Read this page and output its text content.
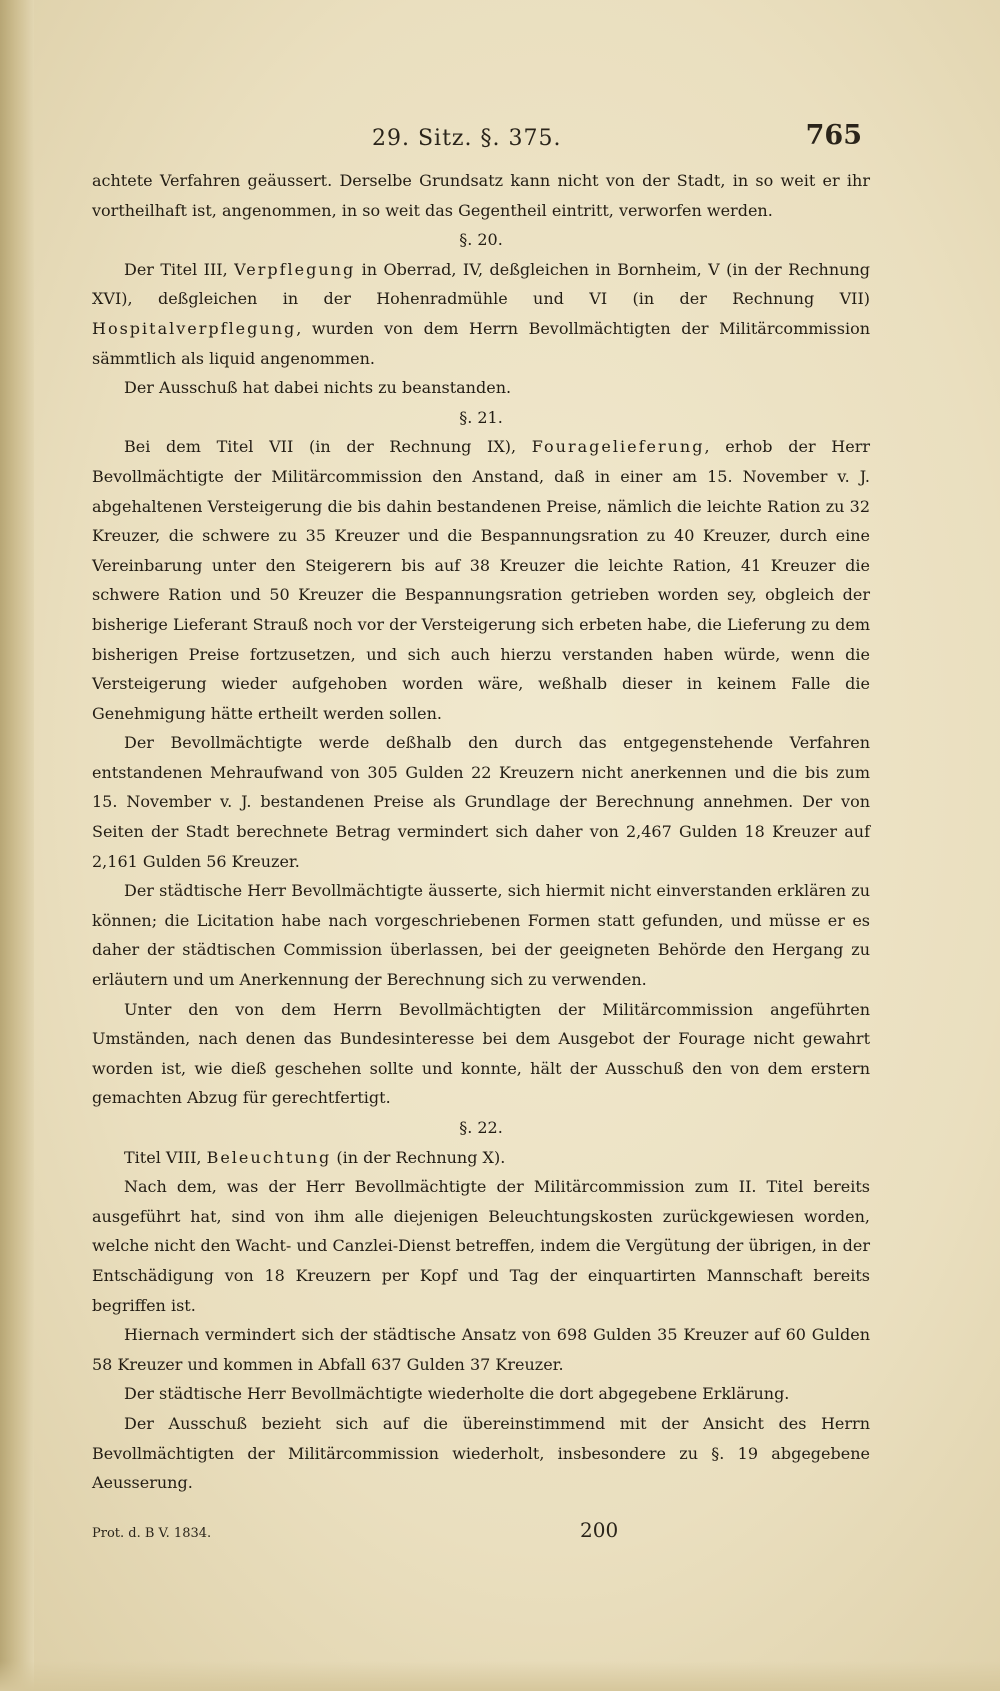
29. Sitz. §. 375.	765

achtete Verfahren geäussert. Derselbe Grundsatz kann nicht von der Stadt, in so weit er ihr vortheilhaft ist, angenommen, in so weit das Gegentheil eintritt, verworfen werden.

§. 20.

Der Titel III, Verpflegung in Oberrad, IV, deßgleichen in Bornheim, V (in der Rechnung XVI), deßgleichen in der Hohenradmühle und VI (in der Rechnung VII) Hospitalverpflegung, wurden von dem Herrn Bevollmächtigten der Militärcommission sämmtlich als liquid angenommen.

Der Ausschuß hat dabei nichts zu beanstanden.

§. 21.

Bei dem Titel VII (in der Rechnung IX), Fouragelieferung, erhob der Herr Bevollmächtigte der Militärcommission den Anstand, daß in einer am 15. November v. J. abgehaltenen Versteigerung die bis dahin bestandenen Preise, nämlich die leichte Ration zu 32 Kreuzer, die schwere zu 35 Kreuzer und die Bespannungsration zu 40 Kreuzer, durch eine Vereinbarung unter den Steigerern bis auf 38 Kreuzer die leichte Ration, 41 Kreuzer die schwere Ration und 50 Kreuzer die Bespannungsration getrieben worden sey, obgleich der bisherige Lieferant Strauß noch vor der Versteigerung sich erbeten habe, die Lieferung zu dem bisherigen Preise fortzusetzen, und sich auch hierzu verstanden haben würde, wenn die Versteigerung wieder aufgehoben worden wäre, weßhalb dieser in keinem Falle die Genehmigung hätte ertheilt werden sollen.

Der Bevollmächtigte werde deßhalb den durch das entgegenstehende Verfahren entstandenen Mehraufwand von 305 Gulden 22 Kreuzern nicht anerkennen und die bis zum 15. November v. J. bestandenen Preise als Grundlage der Berechnung annehmen. Der von Seiten der Stadt berechnete Betrag vermindert sich daher von 2,467 Gulden 18 Kreuzer auf 2,161 Gulden 56 Kreuzer.

Der städtische Herr Bevollmächtigte äusserte, sich hiermit nicht einverstanden erklären zu können; die Licitation habe nach vorgeschriebenen Formen statt gefunden, und müsse er es daher der städtischen Commission überlassen, bei der geeigneten Behörde den Hergang zu erläutern und um Anerkennung der Berechnung sich zu verwenden.

Unter den von dem Herrn Bevollmächtigten der Militärcommission angeführten Umständen, nach denen das Bundesinteresse bei dem Ausgebot der Fourage nicht gewahrt worden ist, wie dieß geschehen sollte und konnte, hält der Ausschuß den von dem erstern gemachten Abzug für gerechtfertigt.

§. 22.

Titel VIII, Beleuchtung (in der Rechnung X).

Nach dem, was der Herr Bevollmächtigte der Militärcommission zum II. Titel bereits ausgeführt hat, sind von ihm alle diejenigen Beleuchtungskosten zurückgewiesen worden, welche nicht den Wacht- und Canzlei-Dienst betreffen, indem die Vergütung der übrigen, in der Entschädigung von 18 Kreuzern per Kopf und Tag der einquartirten Mannschaft bereits begriffen ist.

Hiernach vermindert sich der städtische Ansatz von 698 Gulden 35 Kreuzer auf 60 Gulden 58 Kreuzer und kommen in Abfall 637 Gulden 37 Kreuzer.

Der städtische Herr Bevollmächtigte wiederholte die dort abgegebene Erklärung.

Der Ausschuß bezieht sich auf die übereinstimmend mit der Ansicht des Herrn Bevollmächtigten der Militärcommission wiederholt, insbesondere zu §. 19 abgegebene Aeusserung.

Prot. d. B V. 1834.	200
